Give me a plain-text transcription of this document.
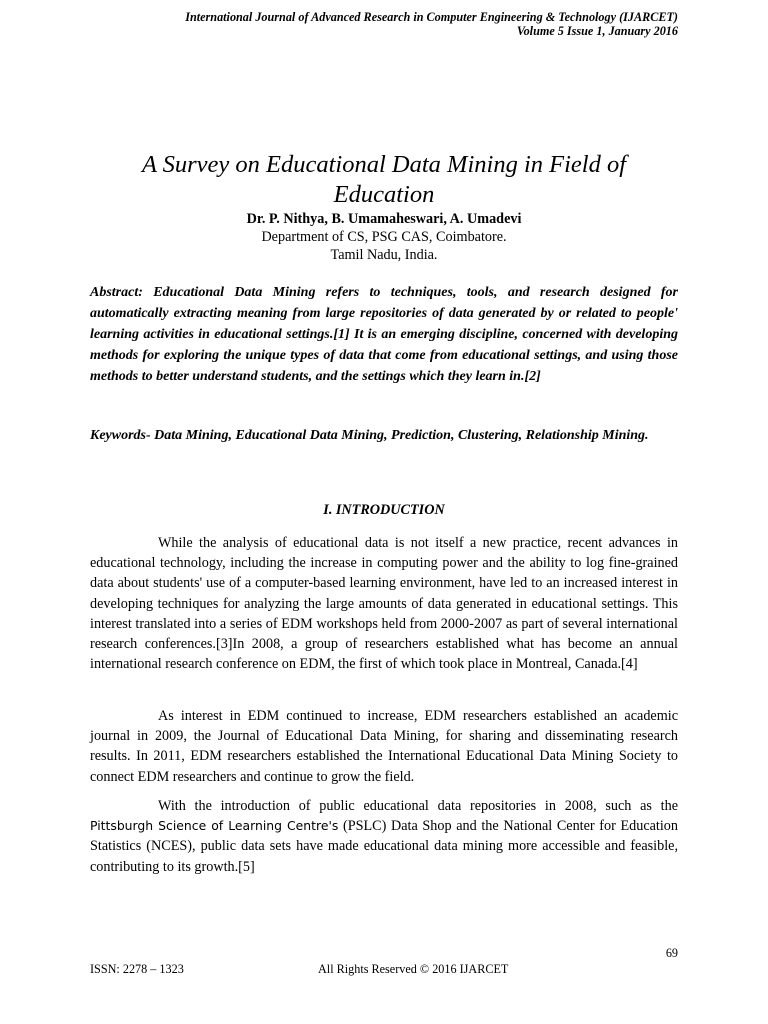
International Journal of Advanced Research in Computer Engineering & Technology (IJARCET)
Volume 5 Issue 1, January 2016
A Survey on Educational Data Mining in Field of Education
Dr. P. Nithya, B. Umamaheswari, A. Umadevi
Department of CS, PSG CAS, Coimbatore.
Tamil Nadu, India.
Abstract: Educational Data Mining refers to techniques, tools, and research designed for automatically extracting meaning from large repositories of data generated by or related to people' learning activities in educational settings.[1] It is an emerging discipline, concerned with developing methods for exploring the unique types of data that come from educational settings, and using those methods to better understand students, and the settings which they learn in.[2]
Keywords- Data Mining, Educational Data Mining, Prediction, Clustering, Relationship Mining.
I. INTRODUCTION

While the analysis of educational data is not itself a new practice, recent advances in educational technology, including the increase in computing power and the ability to log fine-grained data about students' use of a computer-based learning environment, have led to an increased interest in developing techniques for analyzing the large amounts of data generated in educational settings. This interest translated into a series of EDM workshops held from 2000-2007 as part of several international research conferences.[3]In 2008, a group of researchers established what has become an annual international research conference on EDM, the first of which took place in Montreal, Canada.[4]

As interest in EDM continued to increase, EDM researchers established an academic journal in 2009, the Journal of Educational Data Mining, for sharing and disseminating research results. In 2011, EDM researchers established the International Educational Data Mining Society to connect EDM researchers and continue to grow the field.

With the introduction of public educational data repositories in 2008, such as the Pittsburgh Science of Learning Centre's (PSLC) Data Shop and the National Center for Education Statistics (NCES), public data sets have made educational data mining more accessible and feasible, contributing to its growth.[5]

69
ISSN: 2278 – 1323	All Rights Reserved © 2016 IJARCET
